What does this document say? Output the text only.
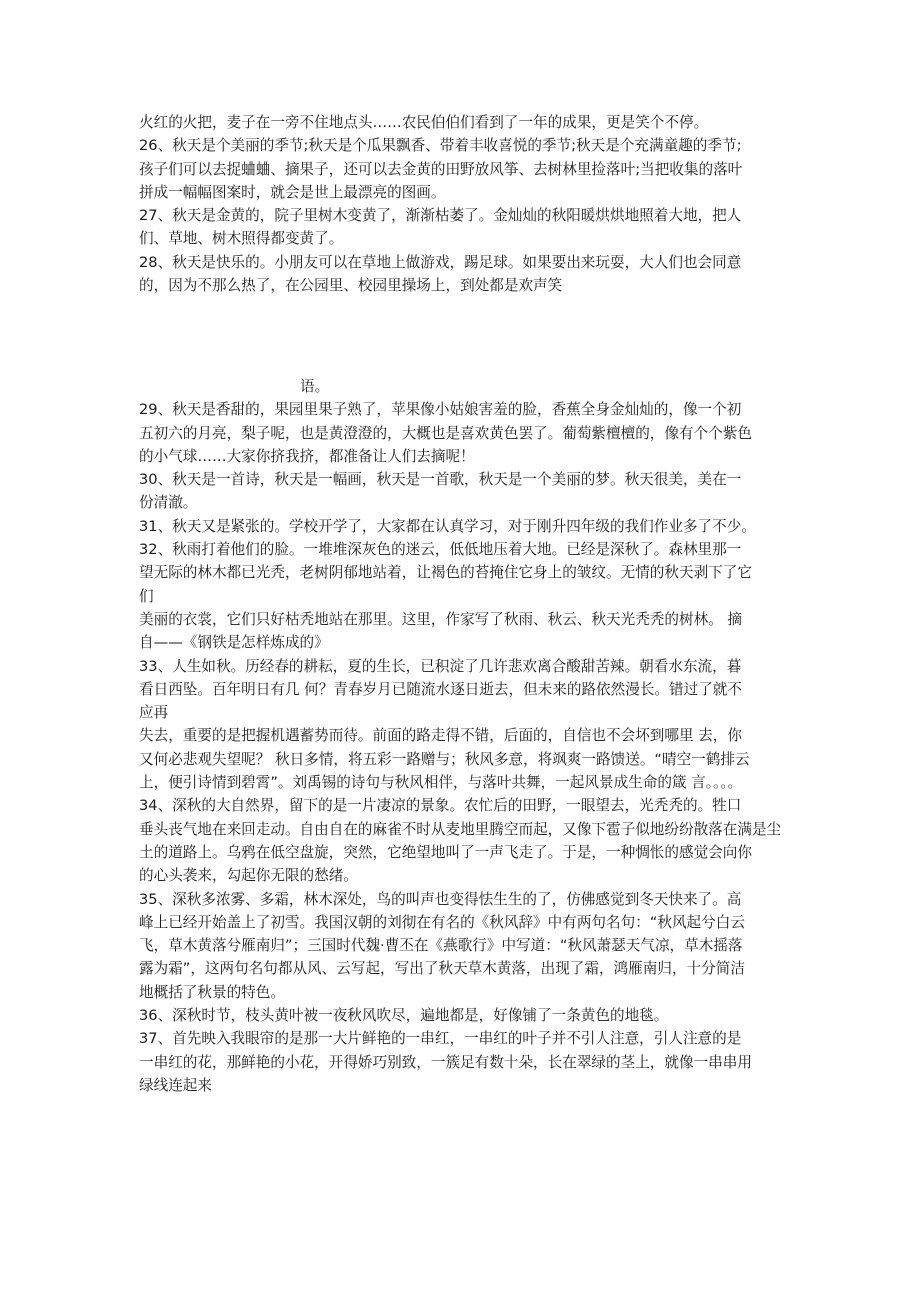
火红的火把，麦子在一旁不住地点头……农民伯伯们看到了一年的成果，更是笑个不停。
26、秋天是个美丽的季节;秋天是个瓜果飘香、带着丰收喜悦的季节;秋天是个充满童趣的季节;
孩子们可以去捉蛐蛐、摘果子，还可以去金黄的田野放风筝、去树林里捡落叶;当把收集的落叶
拼成一幅幅图案时，就会是世上最漂亮的图画。
27、秋天是金黄的，院子里树木变黄了，渐渐枯萎了。金灿灿的秋阳暖烘烘地照着大地，把人
们、草地、树木照得都变黄了。
28、秋天是快乐的。小朋友可以在草地上做游戏，踢足球。如果要出来玩耍，大人们也会同意
的，因为不那么热了，在公园里、校园里操场上，到处都是欢声笑
语。
29、秋天是香甜的，果园里果子熟了，苹果像小姑娘害羞的脸，香蕉全身金灿灿的，像一个初
五初六的月亮，梨子呢，也是黄澄澄的，大概也是喜欢黄色罢了。葡萄紫檀檀的，像有个个紫色
的小气球……大家你挤我挤，都准备让人们去摘呢！
30、秋天是一首诗，秋天是一幅画，秋天是一首歌，秋天是一个美丽的梦。秋天很美，美在一
份清澈。
31、秋天又是紧张的。学校开学了，大家都在认真学习，对于刚升四年级的我们作业多了不少。
32、秋雨打着他们的脸。一堆堆深灰色的迷云，低低地压着大地。已经是深秋了。森林里那一
望无际的林木都已光秃，老树阴郁地站着，让褐色的苔掩住它身上的皱纹。无情的秋天剥下了它
们
美丽的衣裳，它们只好枯秃地站在那里。这里，作家写了秋雨、秋云、秋天光秃秃的树林。 摘
自——《钢铁是怎样炼成的》
33、人生如秋。历经春的耕耘，夏的生长，已积淀了几许悲欢离合酸甜苦辣。朝看水东流，暮
看日西坠。百年明日有几 何？青春岁月已随流水逐日逝去，但未来的路依然漫长。错过了就不
应再
失去，重要的是把握机遇蓄势而待。前面的路走得不错，后面的，自信也不会坏到哪里 去，你
又何必悲观失望呢？ 秋日多情，将五彩一路赠与；秋风多意，将飒爽一路馈送。“晴空一鹤排云
上，便引诗情到碧霄”。刘禹锡的诗句与秋风相伴，与落叶共舞，一起风景成生命的箴 言。。。。
34、深秋的大自然界，留下的是一片凄凉的景象。农忙后的田野，一眼望去，光秃秃的。牲口
垂头丧气地在来回走动。自由自在的麻雀不时从麦地里腾空而起，又像下雹子似地纷纷散落在满是尘
土的道路上。乌鸦在低空盘旋，突然，它绝望地叫了一声飞走了。于是，一种惆怅的感觉会向你
的心头袭来，勾起你无限的愁绪。
35、深秋多浓雾、多霜，林木深处，鸟的叫声也变得怯生生的了，仿佛感觉到冬天快来了。高
峰上已经开始盖上了初雪。我国汉朝的刘彻在有名的《秋风辞》中有两句名句：“秋风起兮白云
飞，草木黄落兮雁南归”；三国时代魏·曹丕在《燕歌行》中写道：“秋风萧瑟天气凉，草木摇落
露为霜”，这两句名句都从风、云写起，写出了秋天草木黄落，出现了霜，鸿雁南归，十分简洁
地概括了秋景的特色。
36、深秋时节，枝头黄叶被一夜秋风吹尽，遍地都是，好像铺了一条黄色的地毯。
37、首先映入我眼帘的是那一大片鲜艳的一串红，一串红的叶子并不引人注意，引人注意的是
一串红的花，那鲜艳的小花，开得娇巧别致，一簇足有数十朵，长在翠绿的茎上，就像一串串用
绿线连起来
